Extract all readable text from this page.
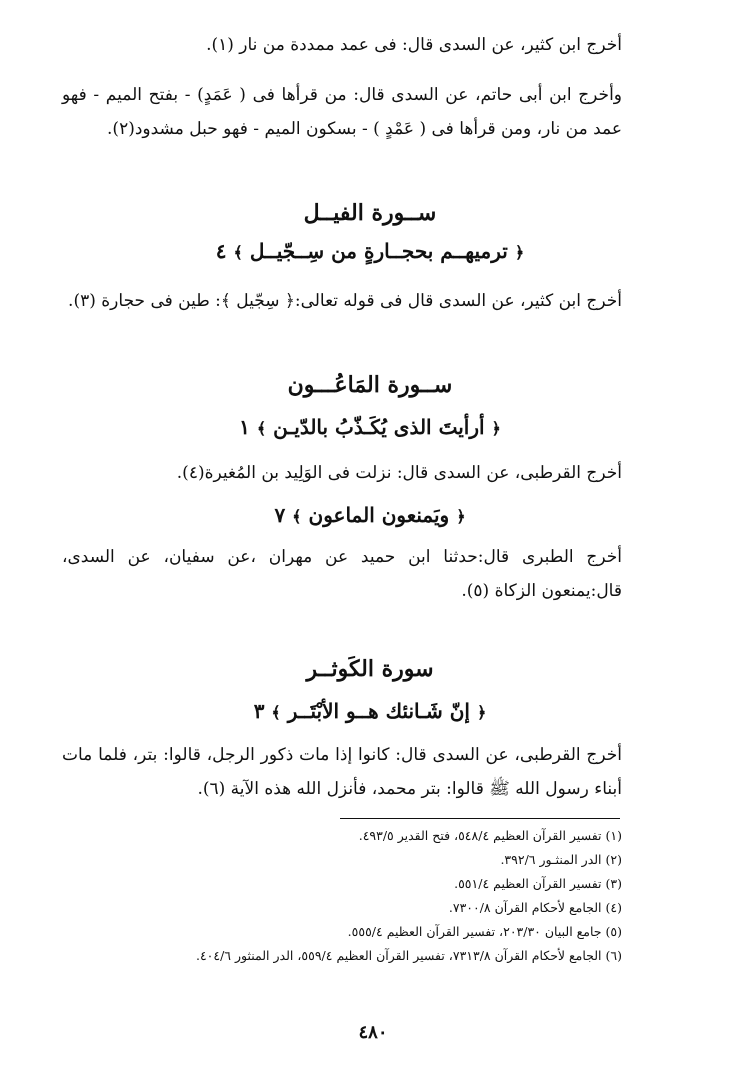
أخرج ابن كثير، عن السدى قال: فى عمد ممددة من نار (١).
وأخرج ابن أبى حاتم، عن السدى قال: من قرأها فى ( عَمَدٍ) - بفتح الميم - فهو عمد من نار، ومن قرأها فى ( عَمْدٍ ) - بسكون الميم - فهو حبل مشدود(٢).
ســورة الفيــل
﴿ ترميهــم بحجــارةٍ من سِــجّيــل ﴾ ٤
أخرج ابن كثير، عن السدى قال فى قوله تعالى:﴿ سِجّيل ﴾: طين فى حجارة (٣).
ســورة المَاعُـــون
﴿ أرأيتَ الذى يُكَـذّبُ بالدّيـن ﴾ ١
أخرج القرطبى، عن السدى قال: نزلت فى الوَلِيد بن المُغيرة(٤).
﴿ ويَمنعون الماعون ﴾ ٧
أخرج الطبرى قال:حدثنا ابن حميد عن مهران ،عن سفيان، عن السدى، قال:يمنعون الزكاة (٥).
سورة الكَوثــر
﴿ إنّ شَـانئك هــو الأبْتَــر ﴾ ٣
أخرج القرطبى، عن السدى قال: كانوا إذا مات ذكور الرجل، قالوا: بتر، فلما مات أبناء رسول الله ﷺ قالوا: بتر محمد، فأنزل الله هذه الآية (٦).
(١) تفسير القرآن العظيم ٥٤٨/٤، فتح القدير ٤٩٣/٥.
(٢) الدر المنثـور ٣٩٢/٦.
(٣) تفسير القرآن العظيم ٥٥١/٤.
(٤) الجامع لأحكام القرآن ٧٣٠٠/٨.
(٥) جامع البيان ٢٠٣/٣٠، تفسير القرآن العظيم ٥٥٥/٤.
(٦) الجامع لأحكام القرآن ٧٣١٣/٨، تفسير القرآن العظيم ٥٥٩/٤، الدر المنثور ٤٠٤/٦.
٤٨٠
